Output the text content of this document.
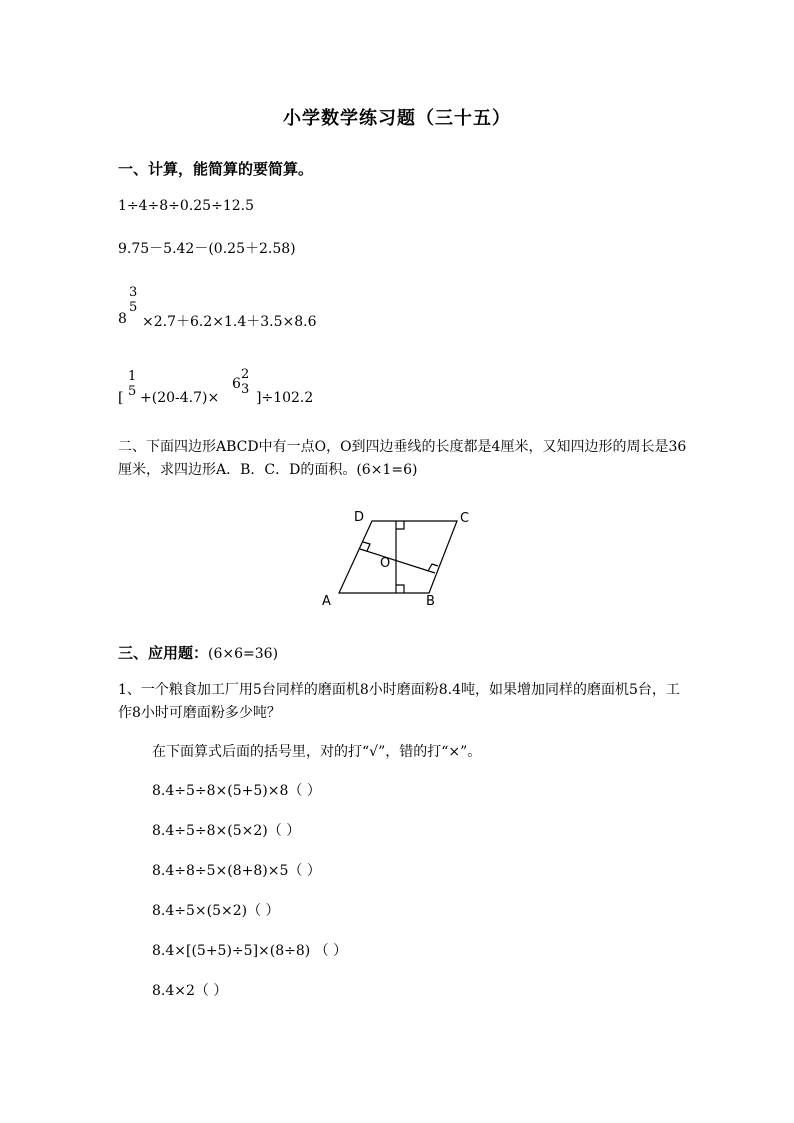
小学数学练习题（三十五）
一、计算，能简算的要简算。
1÷4÷8÷0.25÷12.5
9.75－5.42－(0.25＋2.58)
8
3
5
×2.7＋6.2×1.4＋3.5×8.6
[
1
5 +(20-4.7)×
6
2
3
]÷102.2
二、下面四边形ABCD中有一点O，O到四边垂线的长度都是4厘米，又知四边形的周长是36厘米，求四边形A．B．C．D的面积。(6×1=6)
D	C
A	B
O
三、应用题：(6×6=36)
1、一个粮食加工厂用5台同样的磨面机8小时磨面粉8.4吨，如果增加同样的磨面机5台，工作8小时可磨面粉多少吨？
在下面算式后面的括号里，对的打“√”，错的打“×”。
8.4÷5÷8×(5+5)×8（ ）
8.4÷5÷8×(5×2)（ ）
8.4÷8÷5×(8+8)×5（ ）
8.4÷5×(5×2)（ ）
8.4×[(5+5)÷5]×(8÷8) （ ）
8.4×2（ ）
